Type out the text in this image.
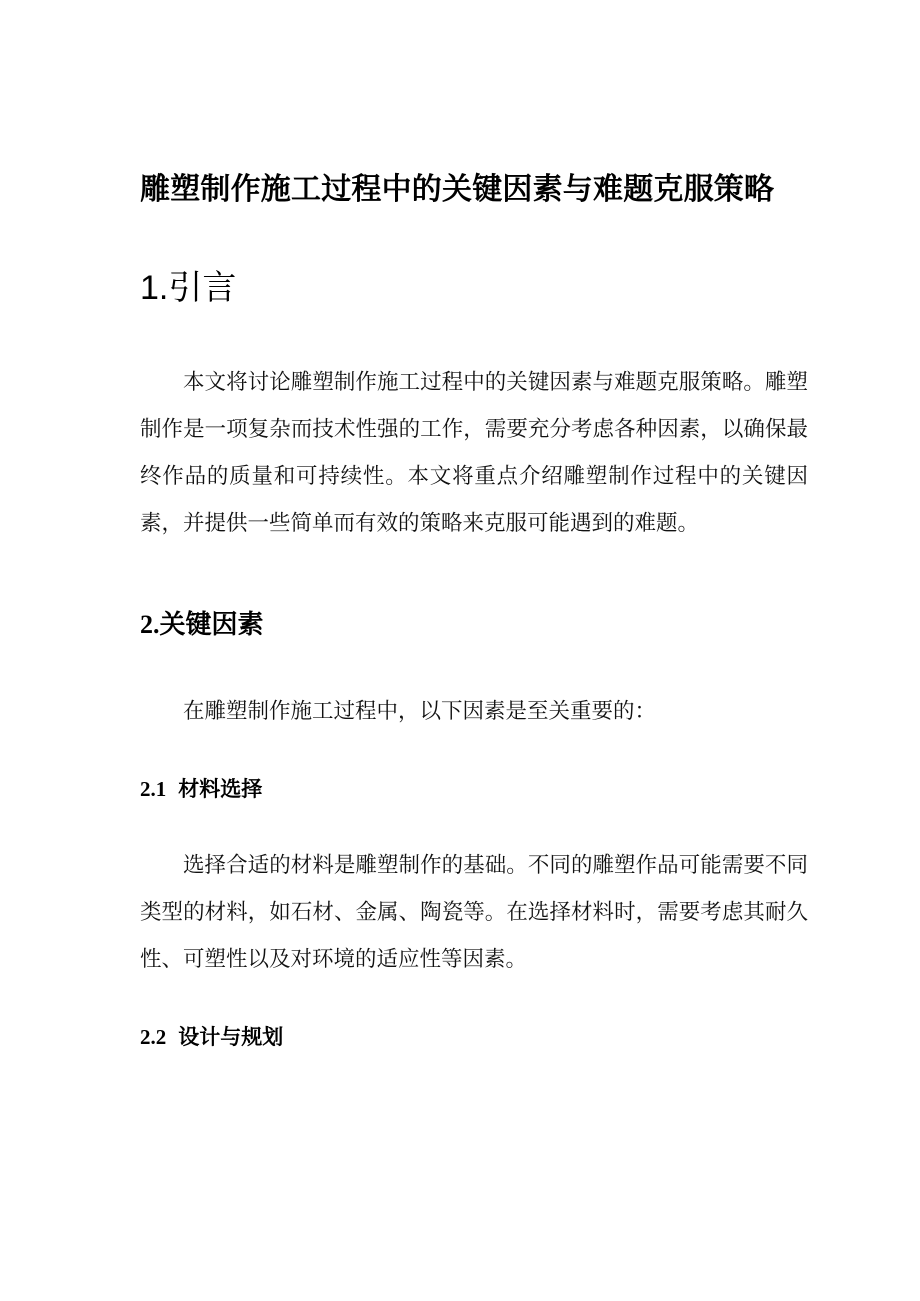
雕塑制作施工过程中的关键因素与难题克服策略
1.引言

本文将讨论雕塑制作施工过程中的关键因素与难题克服策略。雕塑制作是一项复杂而技术性强的工作，需要充分考虑各种因素，以确保最终作品的质量和可持续性。本文将重点介绍雕塑制作过程中的关键因素，并提供一些简单而有效的策略来克服可能遇到的难题。

2.关键因素

在雕塑制作施工过程中，以下因素是至关重要的：

2.1 材料选择

选择合适的材料是雕塑制作的基础。不同的雕塑作品可能需要不同类型的材料，如石材、金属、陶瓷等。在选择材料时，需要考虑其耐久性、可塑性以及对环境的适应性等因素。

2.2 设计与规划
